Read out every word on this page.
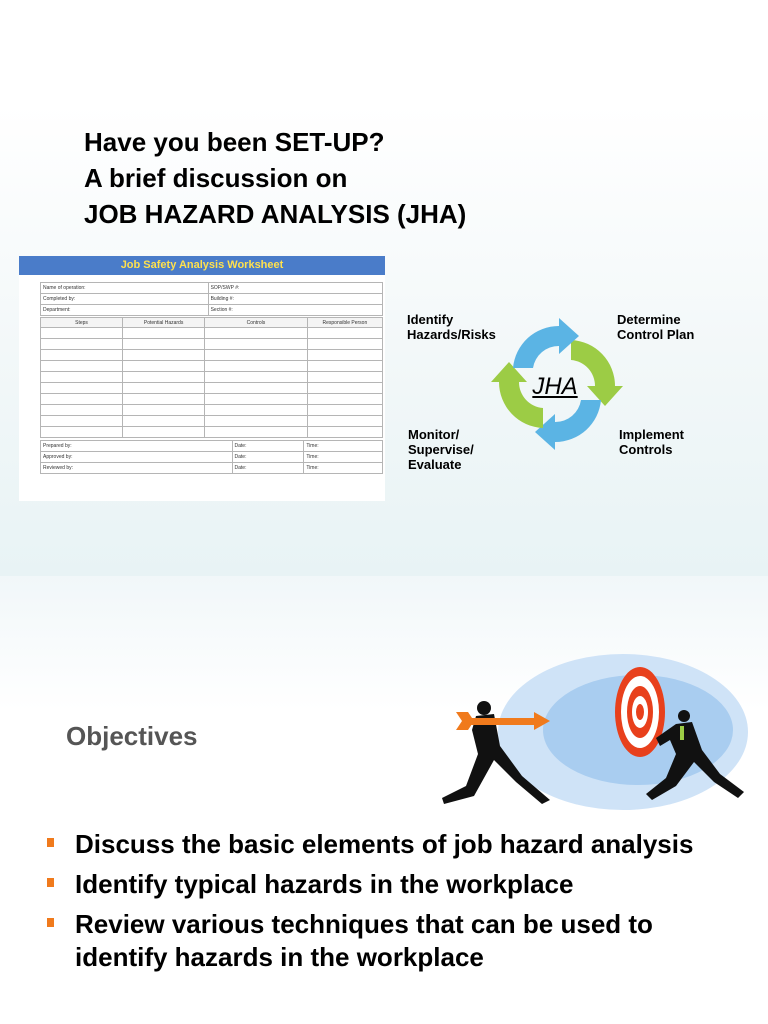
Have you been SET-UP?
A brief discussion on
JOB HAZARD ANALYSIS (JHA)
Job Safety Analysis Worksheet
Name of operation:	SOP/SWP #:
Completed by:	Building #:
Department:	Section #:
Steps	Potential Hazards	Controls	Responsible Person

Prepared by:	Date:	Time:
Approved by:	Date:	Time:
Reviewed by:	Date:	Time:
JHA
Identify
Hazards/Risks
Determine
Control Plan
Monitor/
Supervise/
Evaluate
Implement
Controls
Objectives
Discuss the basic elements of job hazard analysis
Identify typical hazards in the workplace
Review various techniques that can be used to
identify hazards in the workplace
